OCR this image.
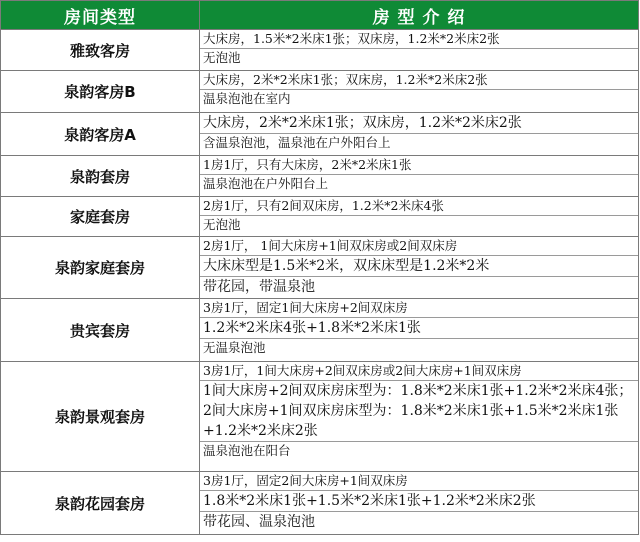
房间类型	房 型 介 绍
雅致客房	大床房，1.5米*2米床1张；双床房，1.2米*2米床2张
无泡池

泉韵客房B	大床房，2米*2米床1张；双床房，1.2米*2米床2张
温泉泡池在室内

泉韵客房A	大床房，2米*2米床1张；双床房，1.2米*2米床2张
含温泉泡池，温泉池在户外阳台上

泉韵套房	1房1厅，只有大床房，2米*2米床1张
温泉泡池在户外阳台上

家庭套房	2房1厅，只有2间双床房，1.2米*2米床4张
无泡池

泉韵家庭套房	2房1厅， 1间大床房+1间双床房或2间双床房
大床床型是1.5米*2米，双床床型是1.2米*2米
带花园，带温泉池

贵宾套房	3房1厅，固定1间大床房+2间双床房
1.2米*2米床4张+1.8米*2米床1张
无温泉泡池

泉韵景观套房	3房1厅，1间大床房+2间双床房或2间大床房+1间双床房
1间大床房+2间双床房床型为：1.8米*2米床1张+1.2米*2米床4张；2间大床房+1间双床房床型为：1.8米*2米床1张+1.5米*2米床1张+1.2米*2米床2张
温泉泡池在阳台

泉韵花园套房	3房1厅，固定2间大床房+1间双床房
1.8米*2米床1张+1.5米*2米床1张+1.2米*2米床2张
带花园、温泉泡池
